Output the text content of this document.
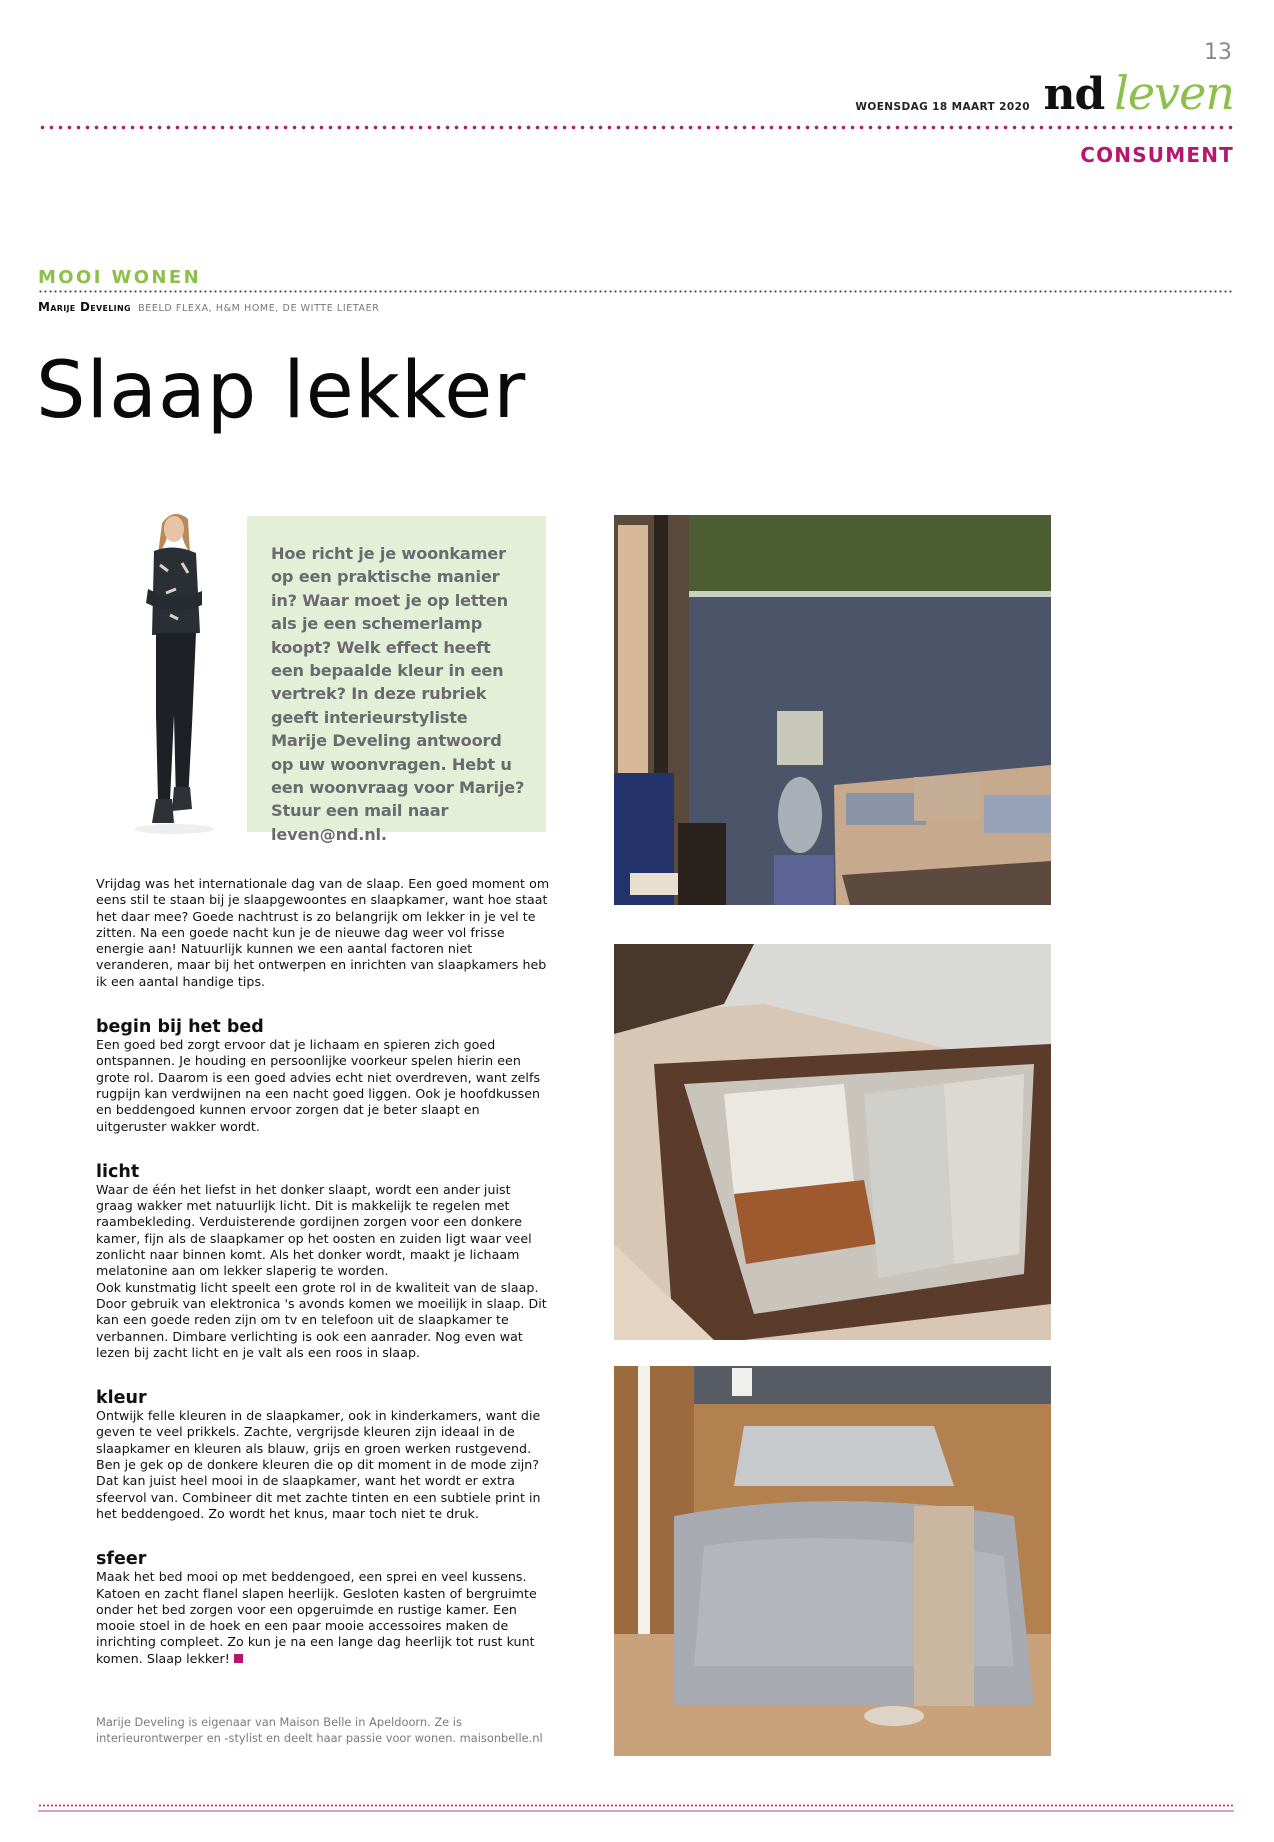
13
WOENSDAG 18 MAART 2020 nd leven
CONSUMENT
MOOI WONEN
Marije Develing BEELD FLEXA, H&M HOME, DE WITTE LIETAER
Slaap lekker

Hoe richt je je woonkamer op een praktische manier in? Waar moet je op letten als je een schemerlamp koopt? Welk effect heeft een bepaalde kleur in een vertrek? In deze rubriek geeft interieurstyliste Marije Develing antwoord op uw woonvragen. Hebt u een woonvraag voor Marije? Stuur een mail naar leven@nd.nl.

Vrijdag was het internationale dag van de slaap. Een goed moment om eens stil te staan bij je slaapgewoontes en slaapkamer, want hoe staat het daar mee? Goede nachtrust is zo belangrijk om lekker in je vel te zitten. Na een goede nacht kun je de nieuwe dag weer vol frisse energie aan! Natuurlijk kunnen we een aantal factoren niet veranderen, maar bij het ontwerpen en inrichten van slaapkamers heb ik een aantal handige tips.

begin bij het bed

Een goed bed zorgt ervoor dat je lichaam en spieren zich goed ontspannen. Je houding en persoonlijke voorkeur spelen hierin een grote rol. Daarom is een goed advies echt niet overdreven, want zelfs rugpijn kan verdwijnen na een nacht goed liggen. Ook je hoofdkussen en beddengoed kunnen ervoor zorgen dat je beter slaapt en uitgeruster wakker wordt.

licht

Waar de één het liefst in het donker slaapt, wordt een ander juist graag wakker met natuurlijk licht. Dit is makkelijk te regelen met raambekleding. Verduisterende gordijnen zorgen voor een donkere kamer, fijn als de slaapkamer op het oosten en zuiden ligt waar veel zonlicht naar binnen komt. Als het donker wordt, maakt je lichaam melatonine aan om lekker slaperig te worden.

Ook kunstmatig licht speelt een grote rol in de kwaliteit van de slaap. Door gebruik van elektronica 's avonds komen we moeilijk in slaap. Dit kan een goede reden zijn om tv en telefoon uit de slaapkamer te verbannen. Dimbare verlichting is ook een aanrader. Nog even wat lezen bij zacht licht en je valt als een roos in slaap.

kleur

Ontwijk felle kleuren in de slaapkamer, ook in kinderkamers, want die geven te veel prikkels. Zachte, vergrijsde kleuren zijn ideaal in de slaapkamer en kleuren als blauw, grijs en groen werken rustgevend. Ben je gek op de donkere kleuren die op dit moment in de mode zijn? Dat kan juist heel mooi in de slaapkamer, want het wordt er extra sfeervol van. Combineer dit met zachte tinten en een subtiele print in het beddengoed. Zo wordt het knus, maar toch niet te druk.

sfeer

Maak het bed mooi op met beddengoed, een sprei en veel kussens. Katoen en zacht flanel slapen heerlijk. Gesloten kasten of bergruimte onder het bed zorgen voor een opgeruimde en rustige kamer. Een mooie stoel in de hoek en een paar mooie accessoires maken de inrichting compleet. Zo kun je na een lange dag heerlijk tot rust kunt komen. Slaap lekker!

Marije Develing is eigenaar van Maison Belle in Apeldoorn. Ze is interieurontwerper en -stylist en deelt haar passie voor wonen. maisonbelle.nl
